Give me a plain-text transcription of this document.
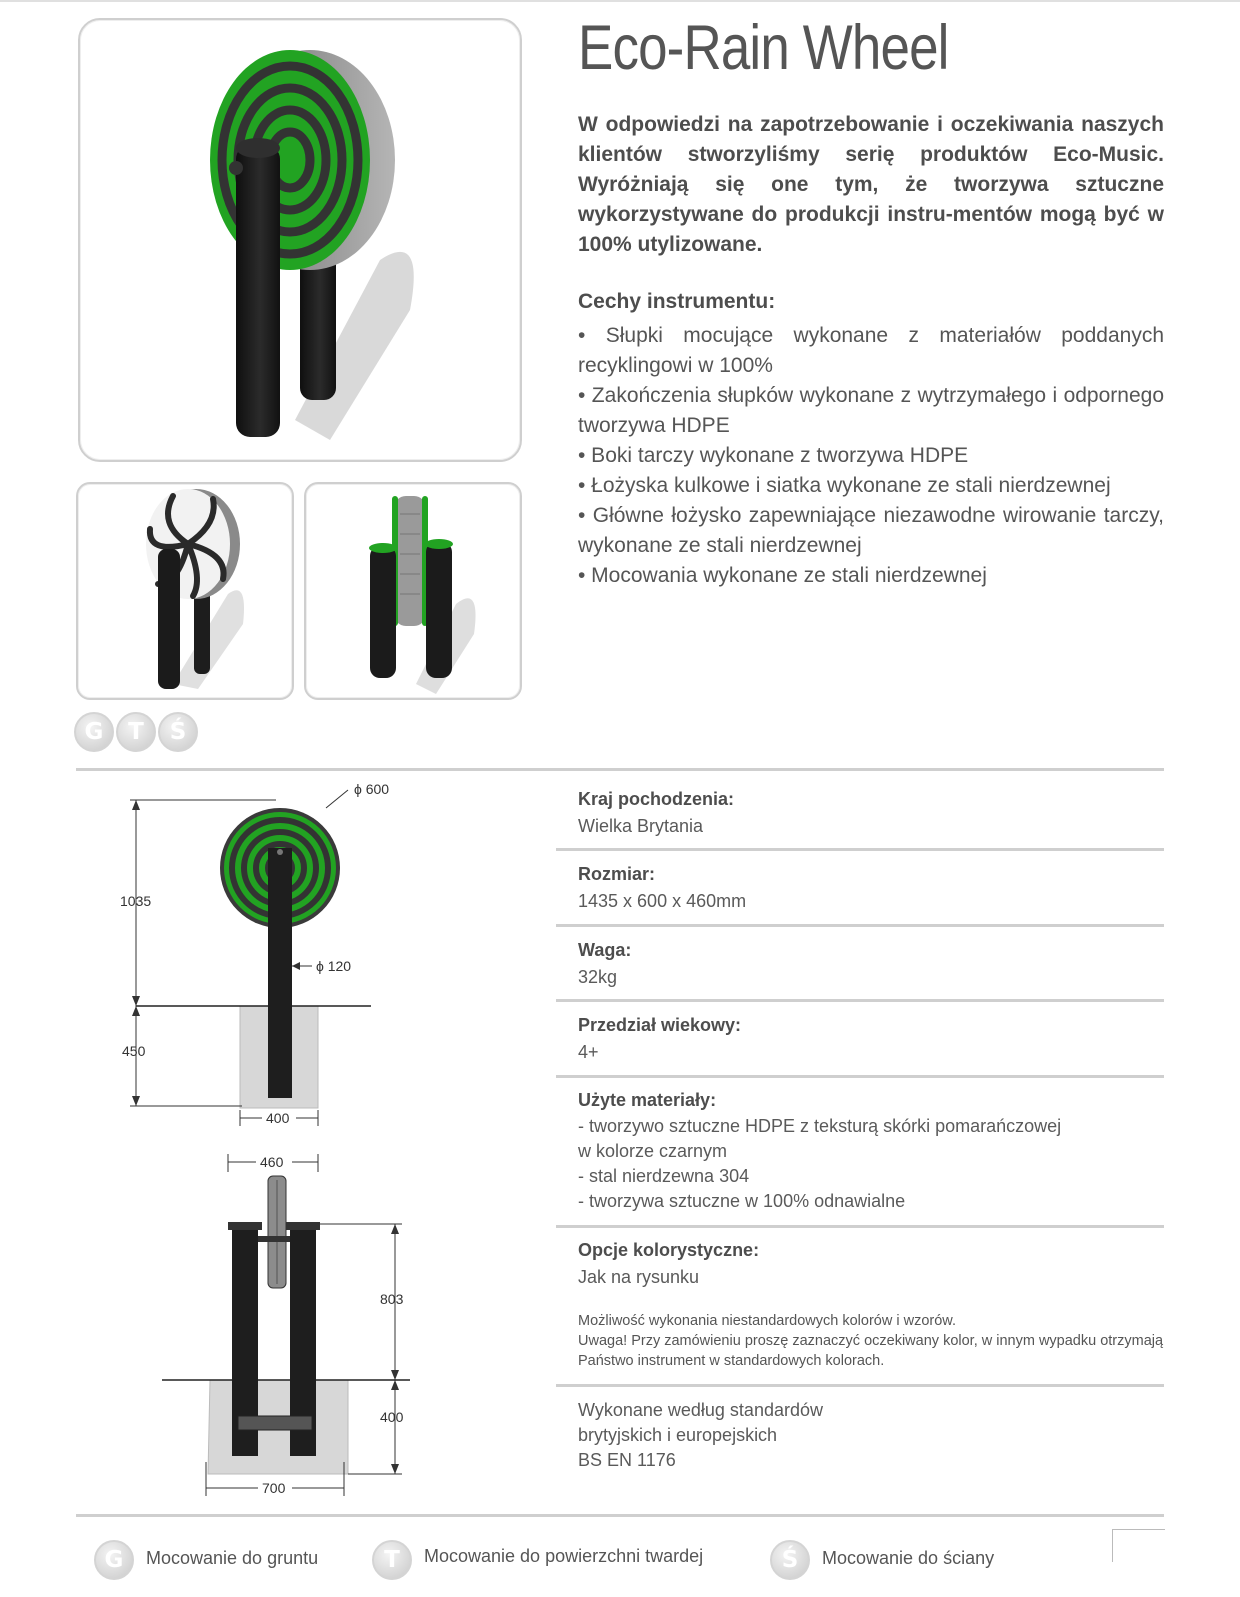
G	T	Ś
Eco-Rain Wheel
W odpowiedzi na zapotrzebowanie i oczekiwania naszych klientów stworzyliśmy serię produktów Eco-Music. Wyróżniają się one tym, że tworzywa sztuczne wykorzystywane do produkcji instru-mentów mogą być w 100% utylizowane.
Cechy instrumentu:
• Słupki mocujące wykonane z materiałów poddanych recyklingowi w 100%
• Zakończenia słupków wykonane z wytrzymałego i odpornego tworzywa HDPE
• Boki tarczy wykonane z tworzywa HDPE
• Łożyska kulkowe i siatka wykonane ze stali nierdzewnej
• Główne łożysko zapewniające niezawodne wirowanie tarczy, wykonane ze stali nierdzewnej
• Mocowania wykonane ze stali nierdzewnej
1035
450
ϕ 600
ϕ 120
400
460
803
400
700
Kraj pochodzenia:
Wielka Brytania
Rozmiar:
1435 x 600 x 460mm
Waga:
32kg
Przedział wiekowy:
4+
Użyte materiały:
- tworzywo sztuczne HDPE z teksturą skórki pomarańczowej
w kolorze czarnym
- stal nierdzewna 304
- tworzywa sztuczne w 100% odnawialne
Opcje kolorystyczne:
Jak na rysunku
Możliwość wykonania niestandardowych kolorów i wzorów.
Uwaga! Przy zamówieniu proszę zaznaczyć oczekiwany kolor, w innym wypadku otrzymają Państwo instrument w standardowych kolorach.
Wykonane według standardów
brytyjskich i europejskich
BS EN 1176
G	Mocowanie do gruntu	T	Mocowanie do powierzchni twardej	Ś	Mocowanie do ściany
